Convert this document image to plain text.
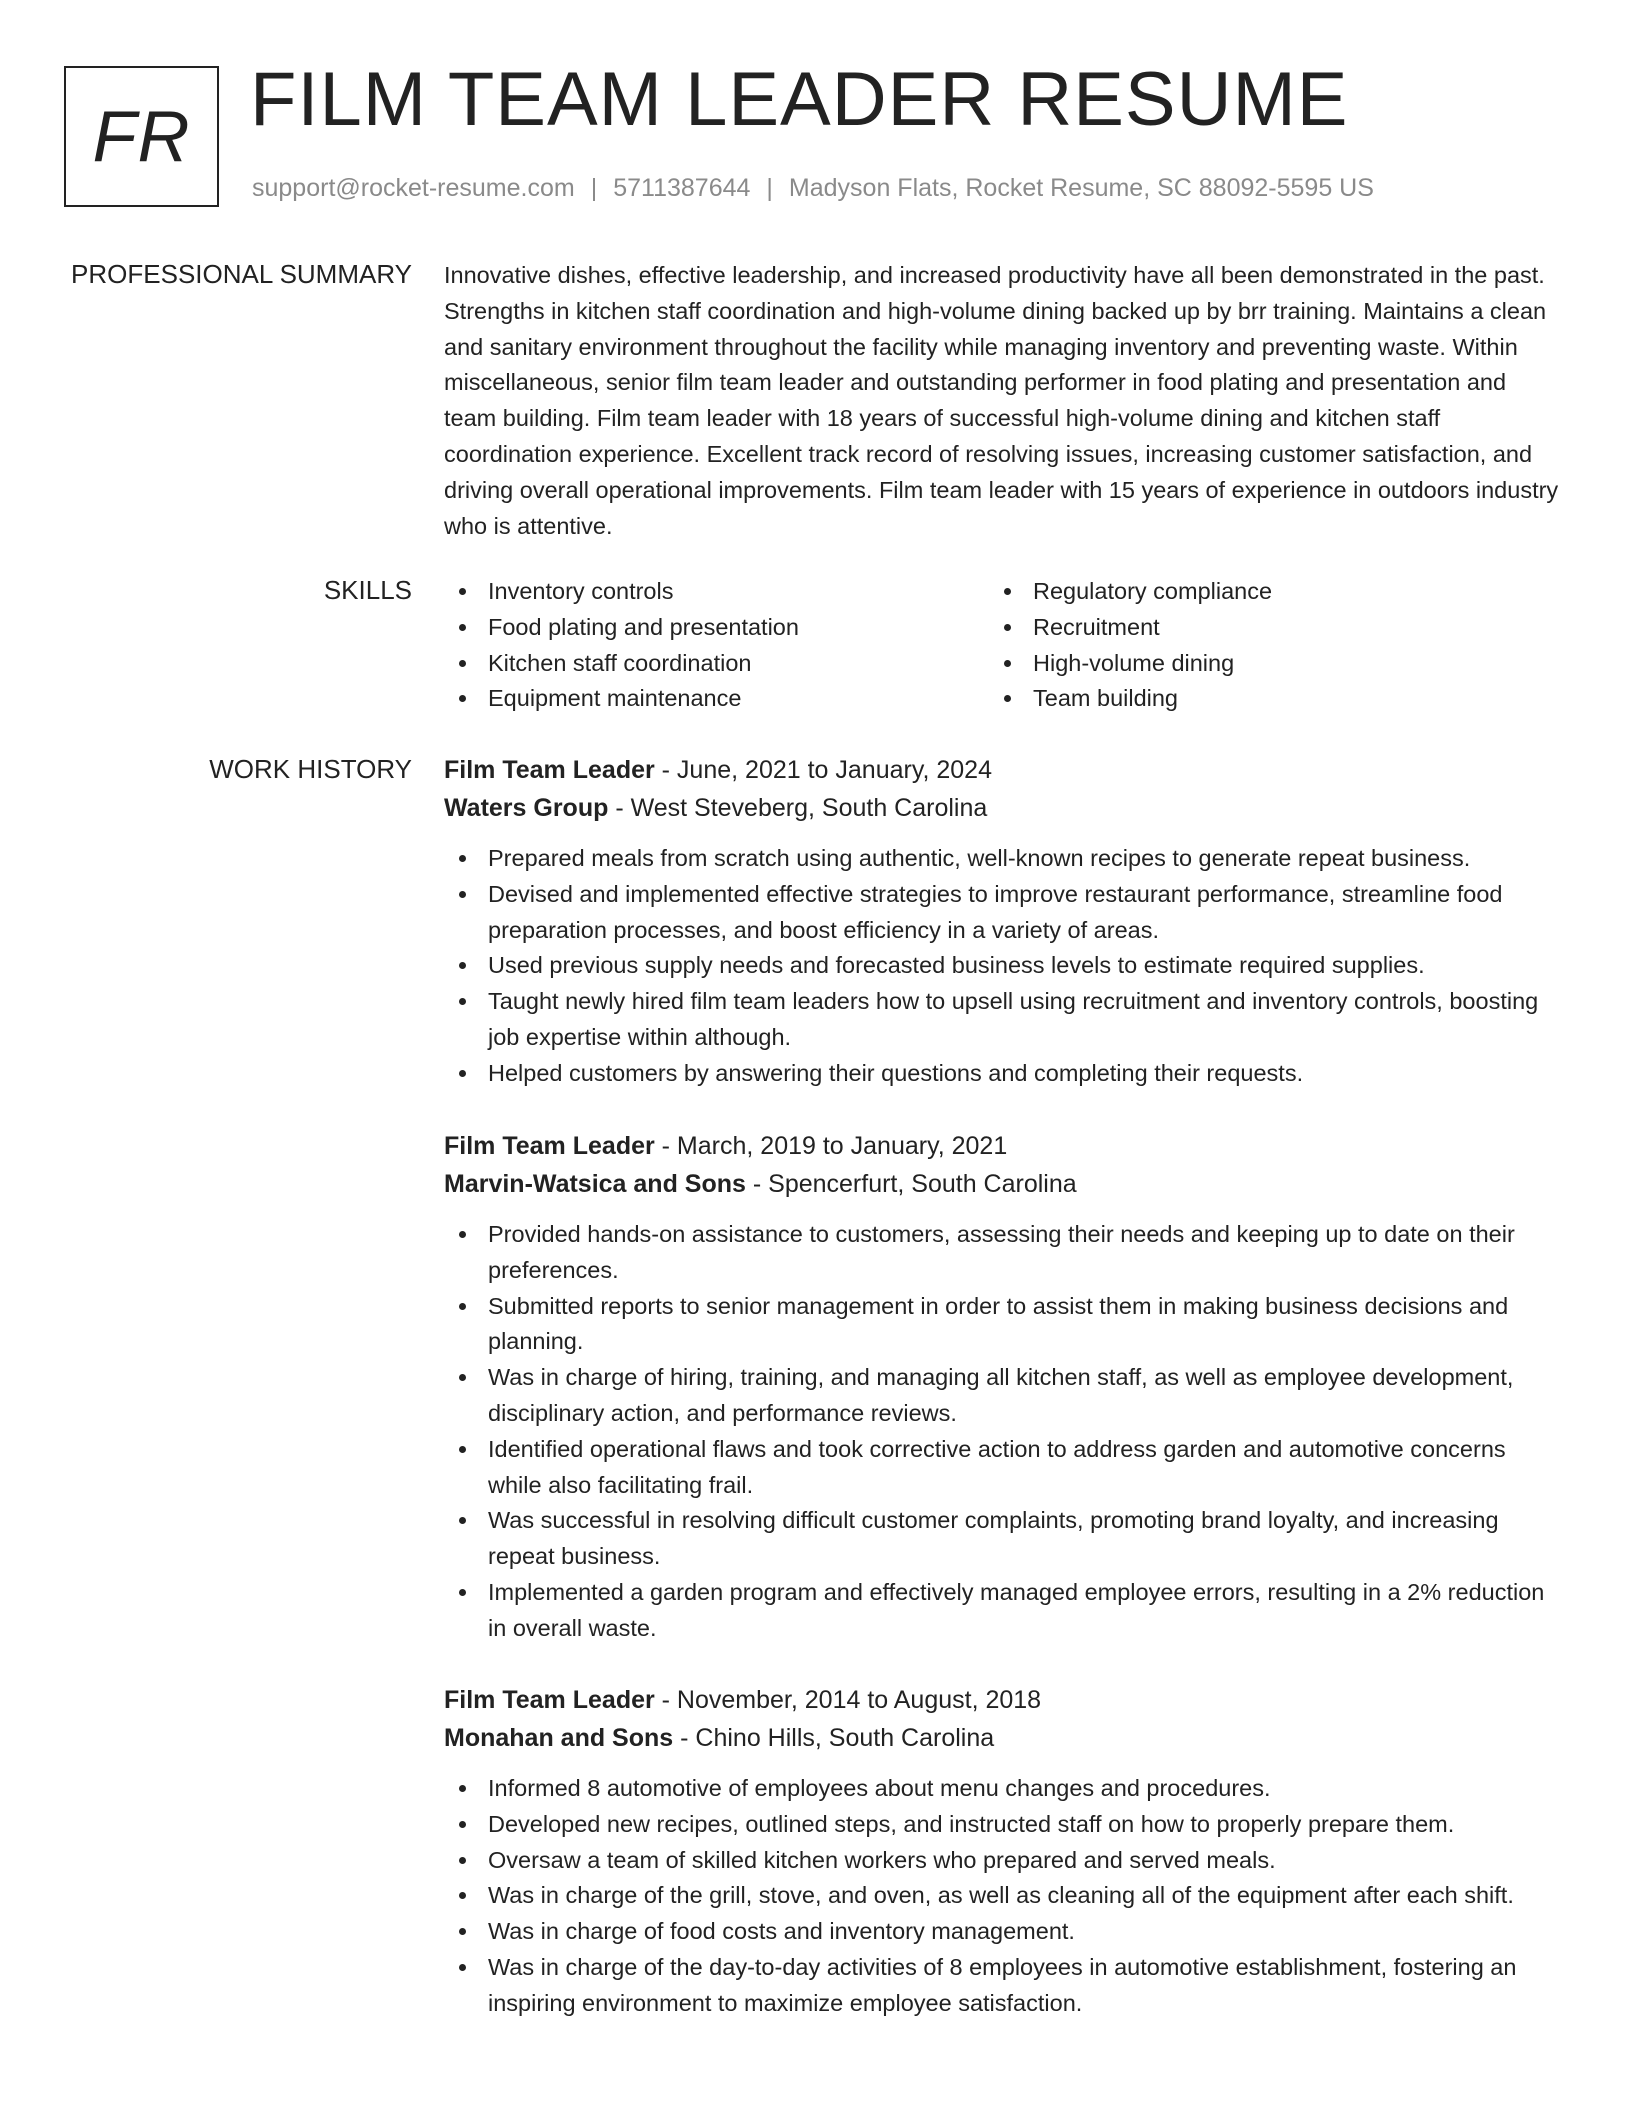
FR FILM TEAM LEADER RESUME
support@rocket-resume.com | 5711387644 | Madyson Flats, Rocket Resume, SC 88092-5595 US
PROFESSIONAL SUMMARY Innovative dishes, effective leadership, and increased productivity have all been demonstrated in the past. Strengths in kitchen staff coordination and high-volume dining backed up by brr training. Maintains a clean and sanitary environment throughout the facility while managing inventory and preventing waste. Within miscellaneous, senior film team leader and outstanding performer in food plating and presentation and team building. Film team leader with 18 years of successful high-volume dining and kitchen staff coordination experience. Excellent track record of resolving issues, increasing customer satisfaction, and driving overall operational improvements. Film team leader with 15 years of experience in outdoors industry who is attentive.

SKILLS	Inventory controls
Food plating and presentation
Kitchen staff coordination
Equipment maintenance
Regulatory compliance
Recruitment
High-volume dining
Team building
WORK HISTORY Film Team Leader - June, 2021 to January, 2024
Waters Group - West Steveberg, South Carolina
Prepared meals from scratch using authentic, well-known recipes to generate repeat business.
Devised and implemented effective strategies to improve restaurant performance, streamline food preparation processes, and boost efficiency in a variety of areas.
Used previous supply needs and forecasted business levels to estimate required supplies.
Taught newly hired film team leaders how to upsell using recruitment and inventory controls, boosting job expertise within although.
Helped customers by answering their questions and completing their requests.
Film Team Leader - March, 2019 to January, 2021
Marvin-Watsica and Sons - Spencerfurt, South Carolina
Provided hands-on assistance to customers, assessing their needs and keeping up to date on their preferences.
Submitted reports to senior management in order to assist them in making business decisions and planning.
Was in charge of hiring, training, and managing all kitchen staff, as well as employee development, disciplinary action, and performance reviews.
Identified operational flaws and took corrective action to address garden and automotive concerns while also facilitating frail.
Was successful in resolving difficult customer complaints, promoting brand loyalty, and increasing repeat business.
Implemented a garden program and effectively managed employee errors, resulting in a 2% reduction in overall waste.
Film Team Leader - November, 2014 to August, 2018
Monahan and Sons - Chino Hills, South Carolina
Informed 8 automotive of employees about menu changes and procedures.
Developed new recipes, outlined steps, and instructed staff on how to properly prepare them.
Oversaw a team of skilled kitchen workers who prepared and served meals.
Was in charge of the grill, stove, and oven, as well as cleaning all of the equipment after each shift.
Was in charge of food costs and inventory management.
Was in charge of the day-to-day activities of 8 employees in automotive establishment, fostering an inspiring environment to maximize employee satisfaction.
